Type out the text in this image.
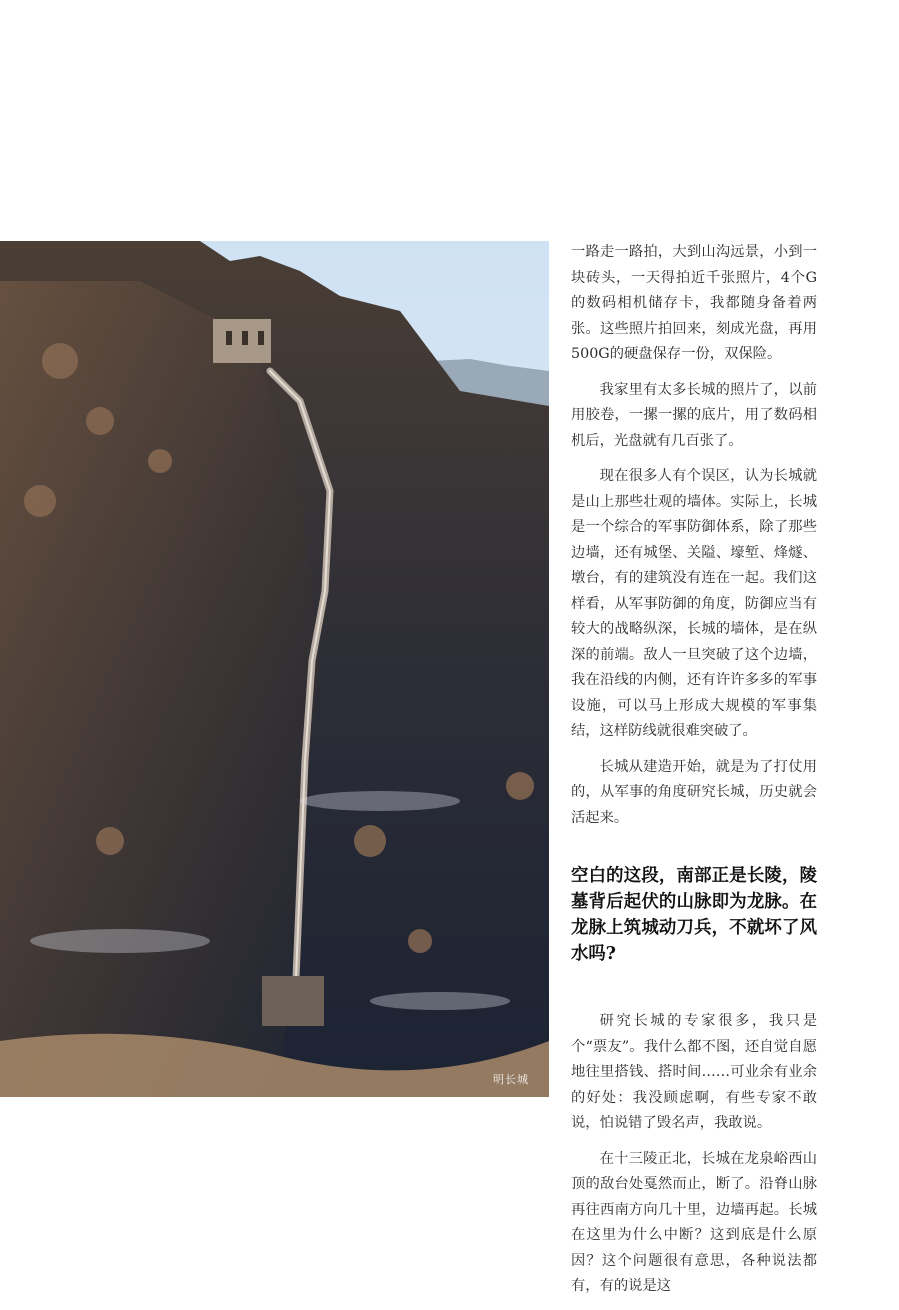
明长城

一路走一路拍，大到山沟远景，小到一块砖头，一天得拍近千张照片，4个G的数码相机储存卡，我都随身备着两张。这些照片拍回来，刻成光盘，再用500G的硬盘保存一份，双保险。

我家里有太多长城的照片了，以前用胶卷，一摞一摞的底片，用了数码相机后，光盘就有几百张了。

现在很多人有个误区，认为长城就是山上那些壮观的墙体。实际上，长城是一个综合的军事防御体系，除了那些边墙，还有城堡、关隘、壕堑、烽燧、墩台，有的建筑没有连在一起。我们这样看，从军事防御的角度，防御应当有较大的战略纵深，长城的墙体，是在纵深的前端。敌人一旦突破了这个边墙，我在沿线的内侧，还有许许多多的军事设施，可以马上形成大规模的军事集结，这样防线就很难突破了。

长城从建造开始，就是为了打仗用的，从军事的角度研究长城，历史就会活起来。

空白的这段，南部正是长陵，陵墓背后起伏的山脉即为龙脉。在龙脉上筑城动刀兵，不就坏了风水吗?

研究长城的专家很多，我只是个“票友”。我什么都不图，还自觉自愿地往里搭钱、搭时间……可业余有业余的好处：我没顾虑啊，有些专家不敢说，怕说错了毁名声，我敢说。

在十三陵正北，长城在龙泉峪西山顶的敌台处戛然而止，断了。沿脊山脉再往西南方向几十里，边墙再起。长城在这里为什么中断？这到底是什么原因？这个问题很有意思，各种说法都有，有的说是这
